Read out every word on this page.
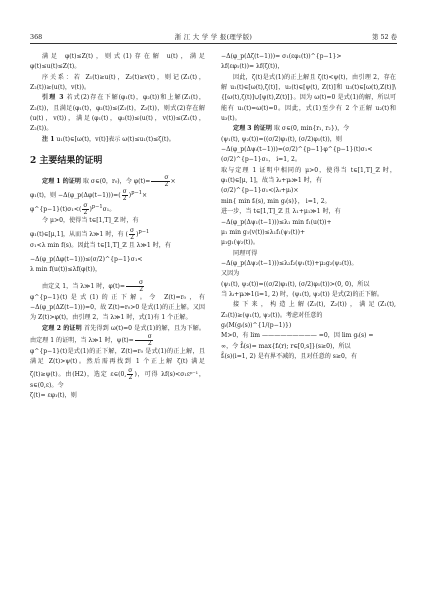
368	浙 江 大 学 学 报(理学版)	第 52 卷

满足 φ(t)≤Z(t)，则式(1)存在解 u(t)，满足 φ(t)≤u(t)≤Z(t)。

序关系：若 Z₁(t)≥u(t)，Z₂(t)≥v(t)，则记(Z₁(t)，Z₂(t))≥(u(t)，v(t))。

引理 3 若式(2)存在下解(φ₁(t)，φ₂(t))和上解(Z₁(t)，Z₂(t))，且满足(φ₁(t)，φ₂(t))≤(Z₁(t)，Z₂(t))，则式(2)存在解(u(t)，v(t))，满足(φ₁(t)，φ₂(t))≤(u(t)，v(t))≤(Z₁(t)，Z₂(t))。

注 1 u₁(t)∈[ω(t)，v(t)]表示 ω(t)≤u₁(t)≤ζ(t)。

2 主要结果的证明

定理 1 的证明 取 σ∈(0，r₀)，令 $\varphi(t)= \frac{\sigma}{2}$ ×

φ₁(t)，则 −Δ(φ_p(Δφ(t−1)))=( $\frac{\sigma}{2} )^{p-1}\times$

φ^{p−1}(t)σ₁<( $\frac{\sigma}{2} )^{p-1}\sigma_1$。

令 μ>0，使得当 t∈[1,T]_ℤ 时，有

φ₁(t)∈[μ,1]，从而当 λ≫1 时，有 ( $\frac{\sigma}{2} )^{p-1}$

σ₁<λ min f(s)。因此当 t∈[1,T]_ℤ 且 λ≫1 时，有

−Δ(φ_p(Δφ(t−1)))≤(σ/2)^{p−1}σ₁<

λ min f(u(t))≤λf(φ(t))，

由定义 1，当 λ≫1 时，$\varphi(t)= \frac{\sigma}{2}$

φ^{p−1}(t)是式(1)的正下解。令 Z(t)=r₀，有 −Δ(φ_p(ΔZ(t−1)))=0，故 Z(t)=r₀>0 是式(1)的正上解。又因为 Z(t)>φ(t)，由引理 2，当 λ≫1 时，式(1)有 1 个正解。

定理 2 的证明 首先得到 ω(t)=0 是式(1)的解，且为下解。由定理 1 的证明，当 λ≫1 时，$\psi(t)= \frac{\sigma}{2}$

φ^{p−1}(t)是式(1)的正下解，Z(t)=r₀ 是式(1)的正上解，且满足 Z(t)>ψ(t)。然后需再找到 1 个正上解 ζ(t) 满足 ζ(t)≥ψ(t)。由(H2)，选定 ε∈(0, $\frac{\sigma}{2}$ )，可得 λf(s)<σ₁εᵖ⁻¹，s∈(0,ε)。令

ζ(t)= εφ₁(t)，则

−Δ(φ_p(Δζ(t−1)))= σ₁(εφ₁(t))^{p−1}>

λf(εφ₁(t))= λf(ζ(t))，

因此，ζ(t)是式(1)的正上解且 ζ(t)<ψ(t)，由引理 2，存在解 u₁(t)∈[ω(t),ζ(t)]，u₂(t)∈[ψ(t), Z(t)]和 u₃(t)∈[ω(t),Z(t)]\{[ω(t),ζ(t)]∪[ψ(t),Z(t)]}。因为 ω(t)=0 是式(1)的解，所以可能有 u₁(t)=ω(t)=0。因此，式(1)至少有 2 个正解 u₂(t)和 u₃(t)。

定理 3 的证明 取 σ∈(0, min{r₁, r₂})，令

(ψ₁(t), ψ₂(t))=((σ/2)φ₁(t), (σ/2)φ₁(t))，则

−Δ(φ_p(Δψᵢ(t−1)))=(σ/2)^{p−1}φ^{p−1}(t)σ₁<

(σ/2)^{p−1}σ₁， i=1, 2。

取与定理 1 证明中相同的 μ>0，使得当 t∈[1,T]_ℤ 时，φ₁(t)∈[μ, 1]，故当 λᵢ+μᵢ≫1 时，有

(σ/2)^{p−1}σ₁<(λᵢ+μᵢ)×

min{ min fᵢ(s), min gᵢ(s)}， i=1, 2。

进一步，当 t∈[1,T]_ℤ 且 λ₁+μ₁≫1 时，有

−Δ(φ_p(Δψ₁(t−1)))≤λ₁ min f₁(u(t))+

μ₁ min g₁(v(t))≤λ₁f₁(ψ₁(t))+

μ₁g₁(ψ₂(t))。

同理可得

−Δ(φ_p(Δψ₂(t−1)))≤λ₂f₂(ψ₁(t))+μ₂g₂(ψ₂(t))。

又因为

(ψ₁(t), ψ₂(t))=((σ/2)φ₁(t), (σ/2)φ₁(t))>(0, 0)，所以

当 λᵢ+μᵢ≫1(i=1, 2) 时，(ψ₁(t), ψ₂(t)) 是式(2)的正下解。

接下来，构造上解(Z₁(t), Z₂(t))，满足(Z₁(t), Z₂(t))≥(ψ₁(t), ψ₂(t))。考虑对任意的

gᵢ(M(gᵢ(s))^{1/(p−1)})

M>0，有 lim ————————— =0，因 lim gᵢ(s) =

∞，令 f̃ᵢ(s)= max{fᵢ(r); r∈[0,s]}(s≥0)，所以

f̃ᵢ(s)(i=1, 2) 是有界不减的，且对任意的 s≥0，有
